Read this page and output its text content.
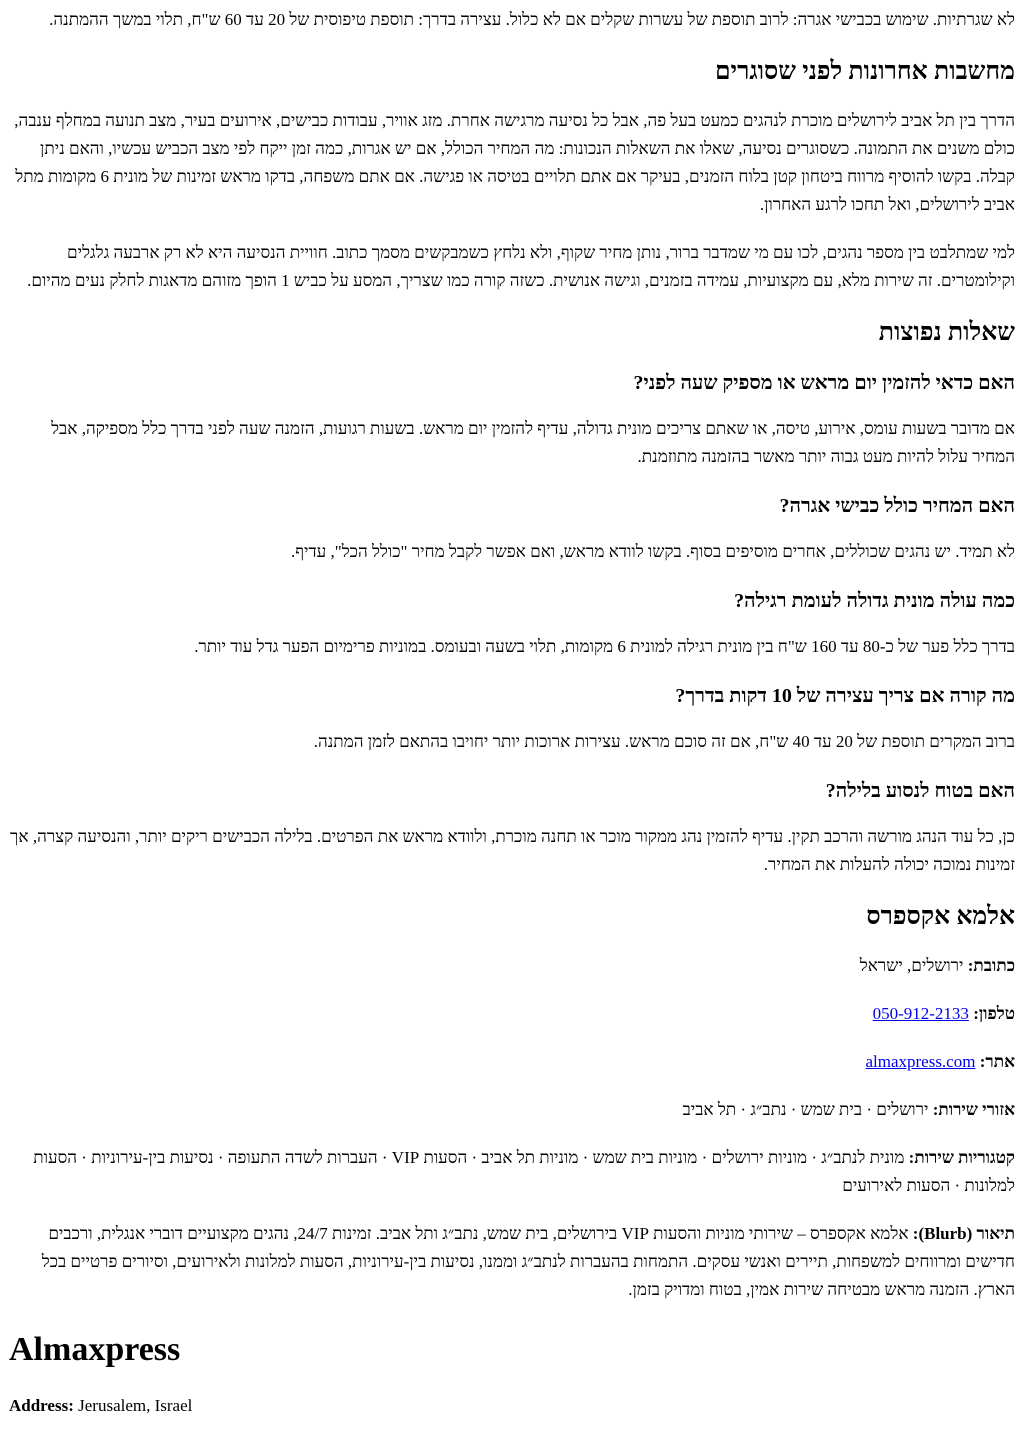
לא שגרתיות. שימוש בכבישי אגרה: לרוב תוספת של עשרות שקלים אם לא כלול. עצירה בדרך: תוספת טיפוסית של 20 עד 60 ש"ח, תלוי במשך ההמתנה.

מחשבות אחרונות לפני שסוגרים

הדרך בין תל אביב לירושלים מוכרת לנהגים כמעט בעל פה, אבל כל נסיעה מרגישה אחרת. מזג אוויר, עבודות כבישים, אירועים בעיר, מצב תנועה במחלף ענבה, כולם משנים את התמונה. כשסוגרים נסיעה, שאלו את השאלות הנכונות: מה המחיר הכולל, אם יש אגרות, כמה זמן ייקח לפי מצב הכביש עכשיו, והאם ניתן קבלה. בקשו להוסיף מרווח ביטחון קטן בלוח הזמנים, בעיקר אם אתם תלויים בטיסה או פגישה. אם אתם משפחה, בדקו מראש זמינות של מונית 6 מקומות מתל אביב לירושלים, ואל תחכו לרגע האחרון.

למי שמתלבט בין מספר נהגים, לכו עם מי שמדבר ברור, נותן מחיר שקוף, ולא נלחץ כשמבקשים מסמך כתוב. חוויית הנסיעה היא לא רק ארבעה גלגלים וקילומטרים. זה שירות מלא, עם מקצועיות, עמידה בזמנים, וגישה אנושית. כשזה קורה כמו שצריך, המסע על כביש 1 הופך מזוהם מדאגות לחלק נעים מהיום.

שאלות נפוצות
האם כדאי להזמין יום מראש או מספיק שעה לפני?

אם מדובר בשעות עומס, אירוע, טיסה, או שאתם צריכים מונית גדולה, עדיף להזמין יום מראש. בשעות רגועות, הזמנה שעה לפני בדרך כלל מספיקה, אבל המחיר עלול להיות מעט גבוה יותר מאשר בהזמנה מתוזמנת.

האם המחיר כולל כבישי אגרה?

לא תמיד. יש נהגים שכוללים, אחרים מוסיפים בסוף. בקשו לוודא מראש, ואם אפשר לקבל מחיר "כולל הכל", עדיף.

כמה עולה מונית גדולה לעומת רגילה?

בדרך כלל פער של כ-80 עד 160 ש"ח בין מונית רגילה למונית 6 מקומות, תלוי בשעה ובעומס. במוניות פרימיום הפער גדל עוד יותר.

מה קורה אם צריך עצירה של 10 דקות בדרך?

ברוב המקרים תוספת של 20 עד 40 ש"ח, אם זה סוכם מראש. עצירות ארוכות יותר יחויבו בהתאם לזמן המתנה.

האם בטוח לנסוע בלילה?

כן, כל עוד הנהג מורשה והרכב תקין. עדיף להזמין נהג ממקור מוכר או תחנה מוכרת, ולוודא מראש את הפרטים. בלילה הכבישים ריקים יותר, והנסיעה קצרה, אך זמינות נמוכה יכולה להעלות את המחיר.

אלמא אקספרס

כתובת: ירושלים, ישראל

טלפון: 050-912-2133

אתר: almaxpress.com

אזורי שירות: ירושלים · בית שמש · נתב״ג · תל אביב

קטגוריות שירות: מונית לנתב״ג · מוניות ירושלים · מוניות בית שמש · מוניות תל אביב · הסעות VIP · העברות לשדה התעופה · נסיעות בין-עירוניות · הסעות למלונות · הסעות לאירועים

תיאור (Blurb): אלמא אקספרס – שירותי מוניות והסעות VIP בירושלים, בית שמש, נתב״ג ותל אביב. זמינות 24/7, נהגים מקצועיים דוברי אנגלית, ורכבים חדישים ומרווחים למשפחות, תיירים ואנשי עסקים. התמחות בהעברות לנתב״ג וממנו, נסיעות בין-עירוניות, הסעות למלונות ולאירועים, וסיורים פרטיים בכל הארץ. הזמנה מראש מבטיחה שירות אמין, בטוח ומדויק בזמן.

Almaxpress

Address: Jerusalem, Israel
